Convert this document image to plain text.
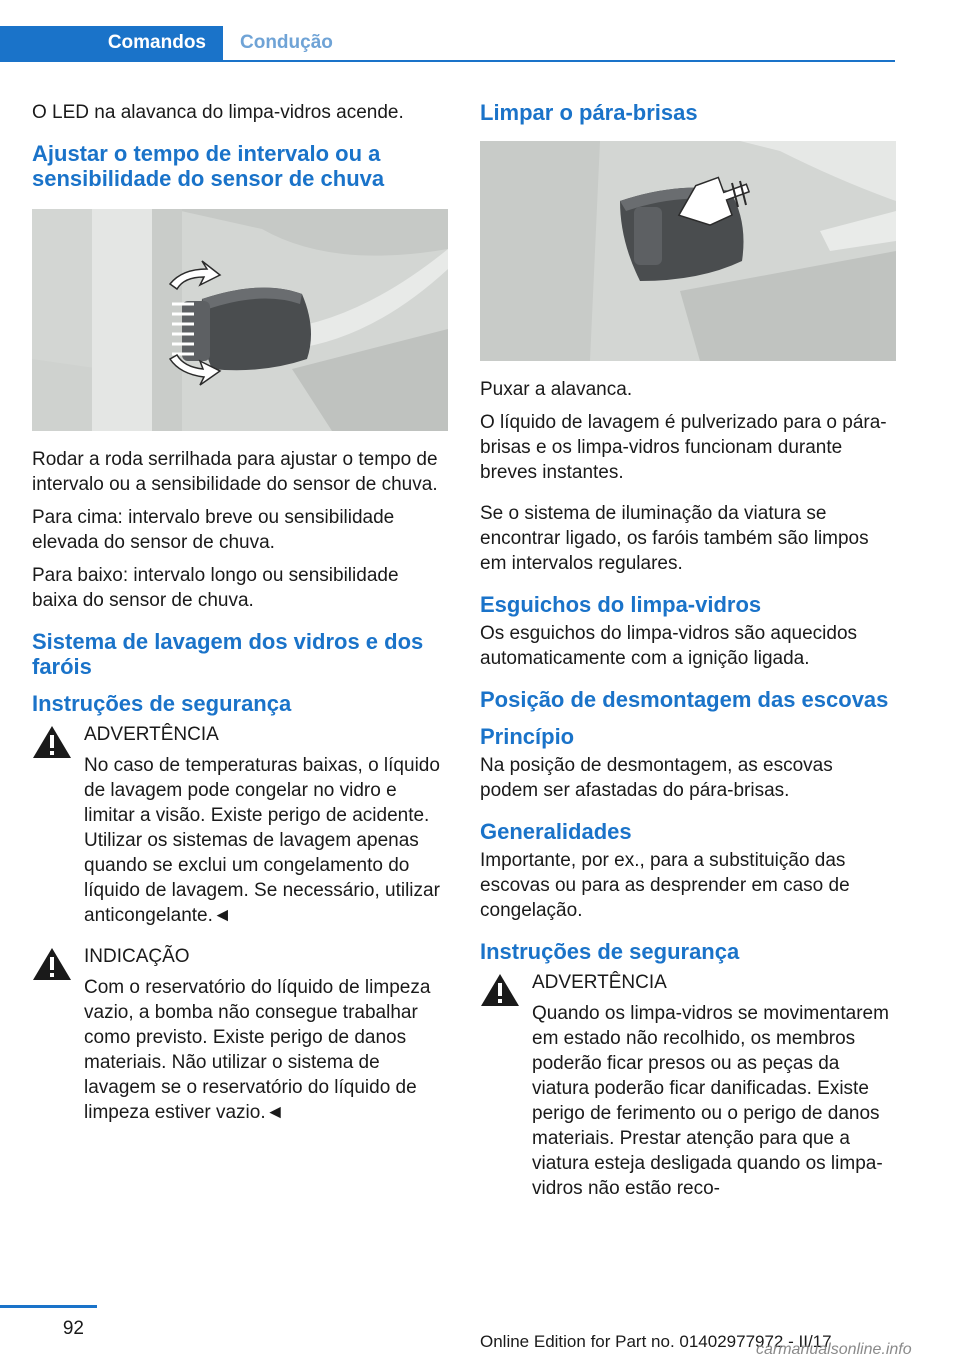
Comandos	Condução

O LED na alavanca do limpa-vidros acende.

Ajustar o tempo de intervalo ou a sensibilidade do sensor de chuva

Rodar a roda serrilhada para ajustar o tempo de intervalo ou a sensibilidade do sensor de chuva.

Para cima: intervalo breve ou sensibilidade elevada do sensor de chuva.

Para baixo: intervalo longo ou sensibilidade baixa do sensor de chuva.

Sistema de lavagem dos vidros e dos faróis
Instruções de segurança
ADVERTÊNCIA
No caso de temperaturas baixas, o líquido de lavagem pode congelar no vidro e limitar a visão. Existe perigo de acidente. Utilizar os sistemas de lavagem apenas quando se exclui um congelamento do líquido de lavagem. Se necessário, utilizar anticongelante.◄
INDICAÇÃO
Com o reservatório do líquido de limpeza vazio, a bomba não consegue trabalhar como previsto. Existe perigo de danos materiais. Não utilizar o sistema de lavagem se o reservatório do líquido de limpeza estiver vazio.◄
Limpar o pára-brisas

Puxar a alavanca.

O líquido de lavagem é pulverizado para o pára-brisas e os limpa-vidros funcionam durante breves instantes.

Se o sistema de iluminação da viatura se encontrar ligado, os faróis também são limpos em intervalos regulares.

Esguichos do limpa-vidros

Os esguichos do limpa-vidros são aquecidos automaticamente com a ignição ligada.

Posição de desmontagem das escovas
Princípio

Na posição de desmontagem, as escovas podem ser afastadas do pára-brisas.

Generalidades

Importante, por ex., para a substituição das escovas ou para as desprender em caso de congelação.

Instruções de segurança
ADVERTÊNCIA
Quando os limpa-vidros se movimentarem em estado não recolhido, os membros poderão ficar presos ou as peças da viatura poderão ficar danificadas. Existe perigo de ferimento ou o perigo de danos materiais. Prestar atenção para que a viatura esteja desligada quando os limpa-vidros não estão reco-
92
Online Edition for Part no. 01402977972 - II/17
carmanualsonline.info
